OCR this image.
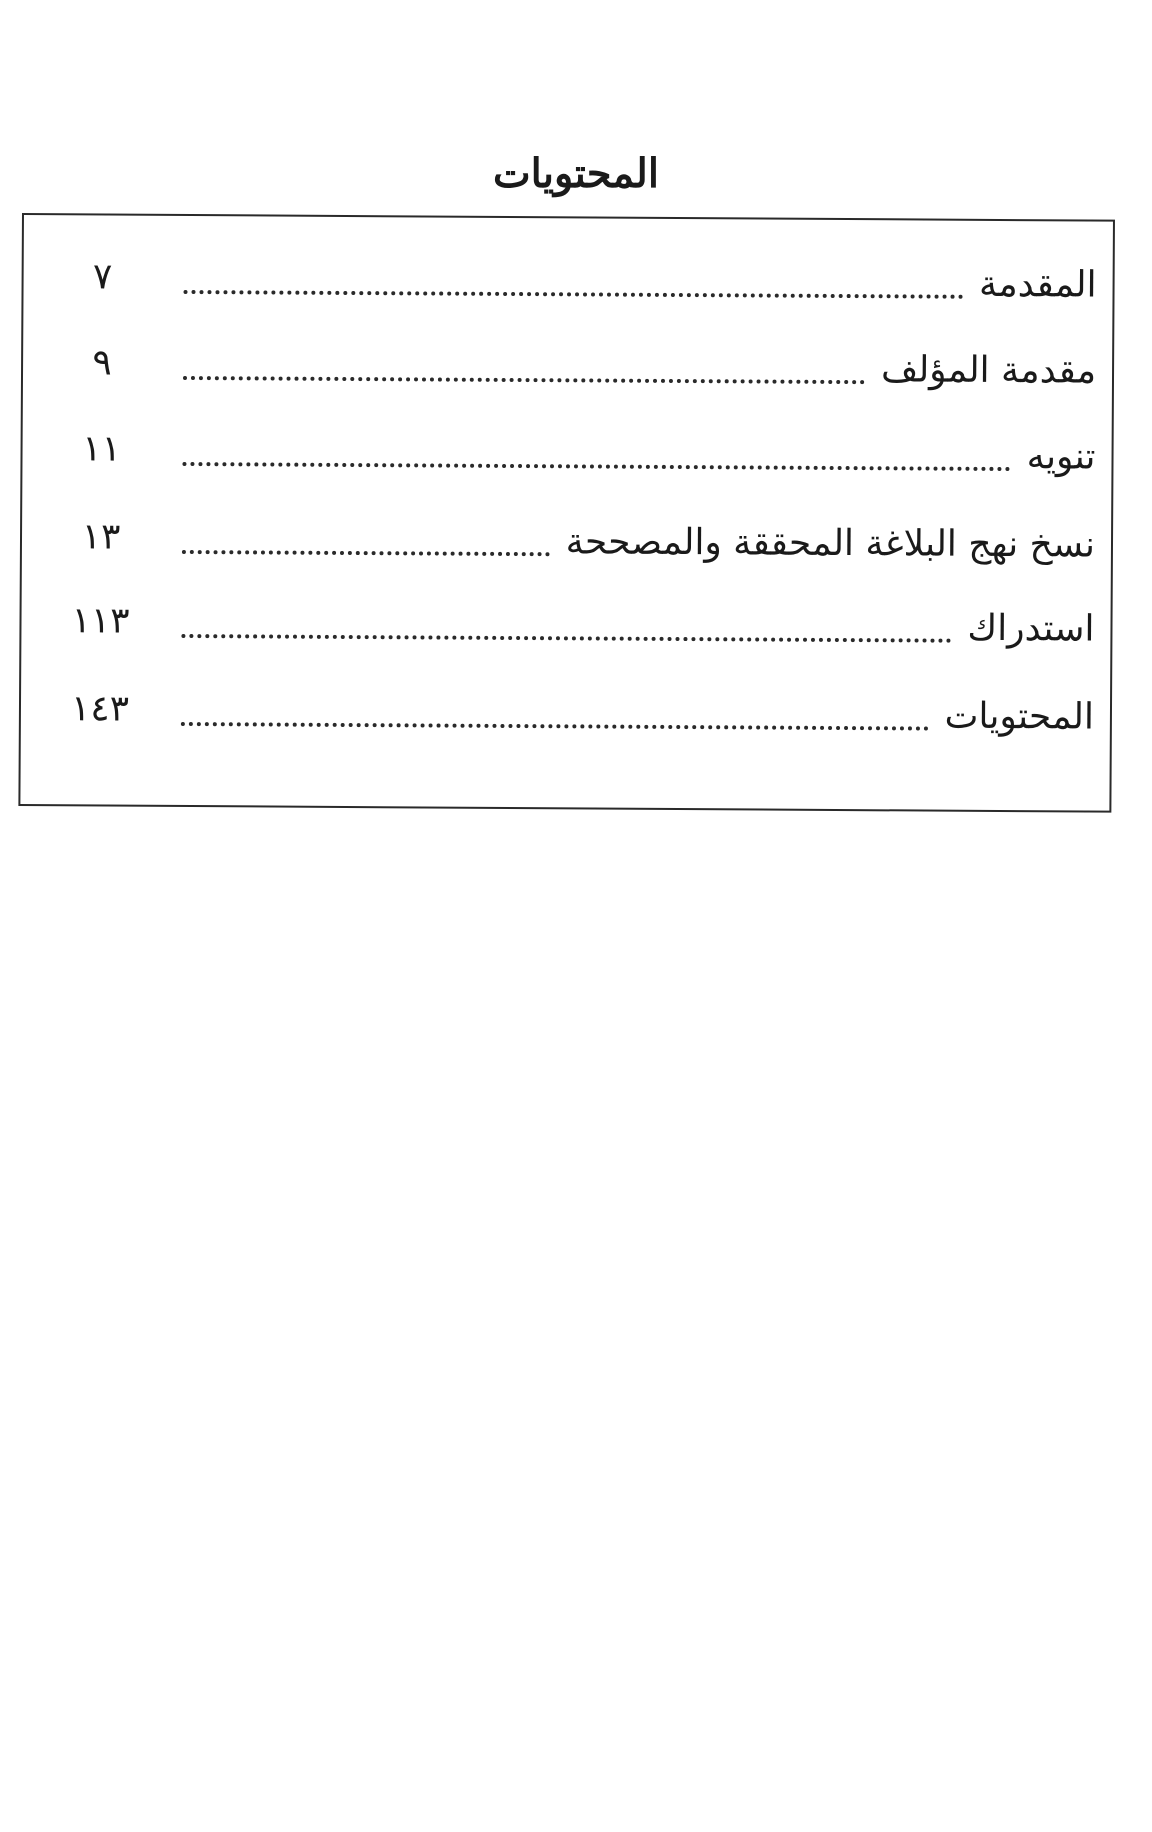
المحتويات
المقدمة
٧
مقدمة المؤلف
٩
تنويه
١١
نسخ نهج البلاغة المحققة والمصححة
١٣
استدراك
١١٣
المحتويات
١٤٣
